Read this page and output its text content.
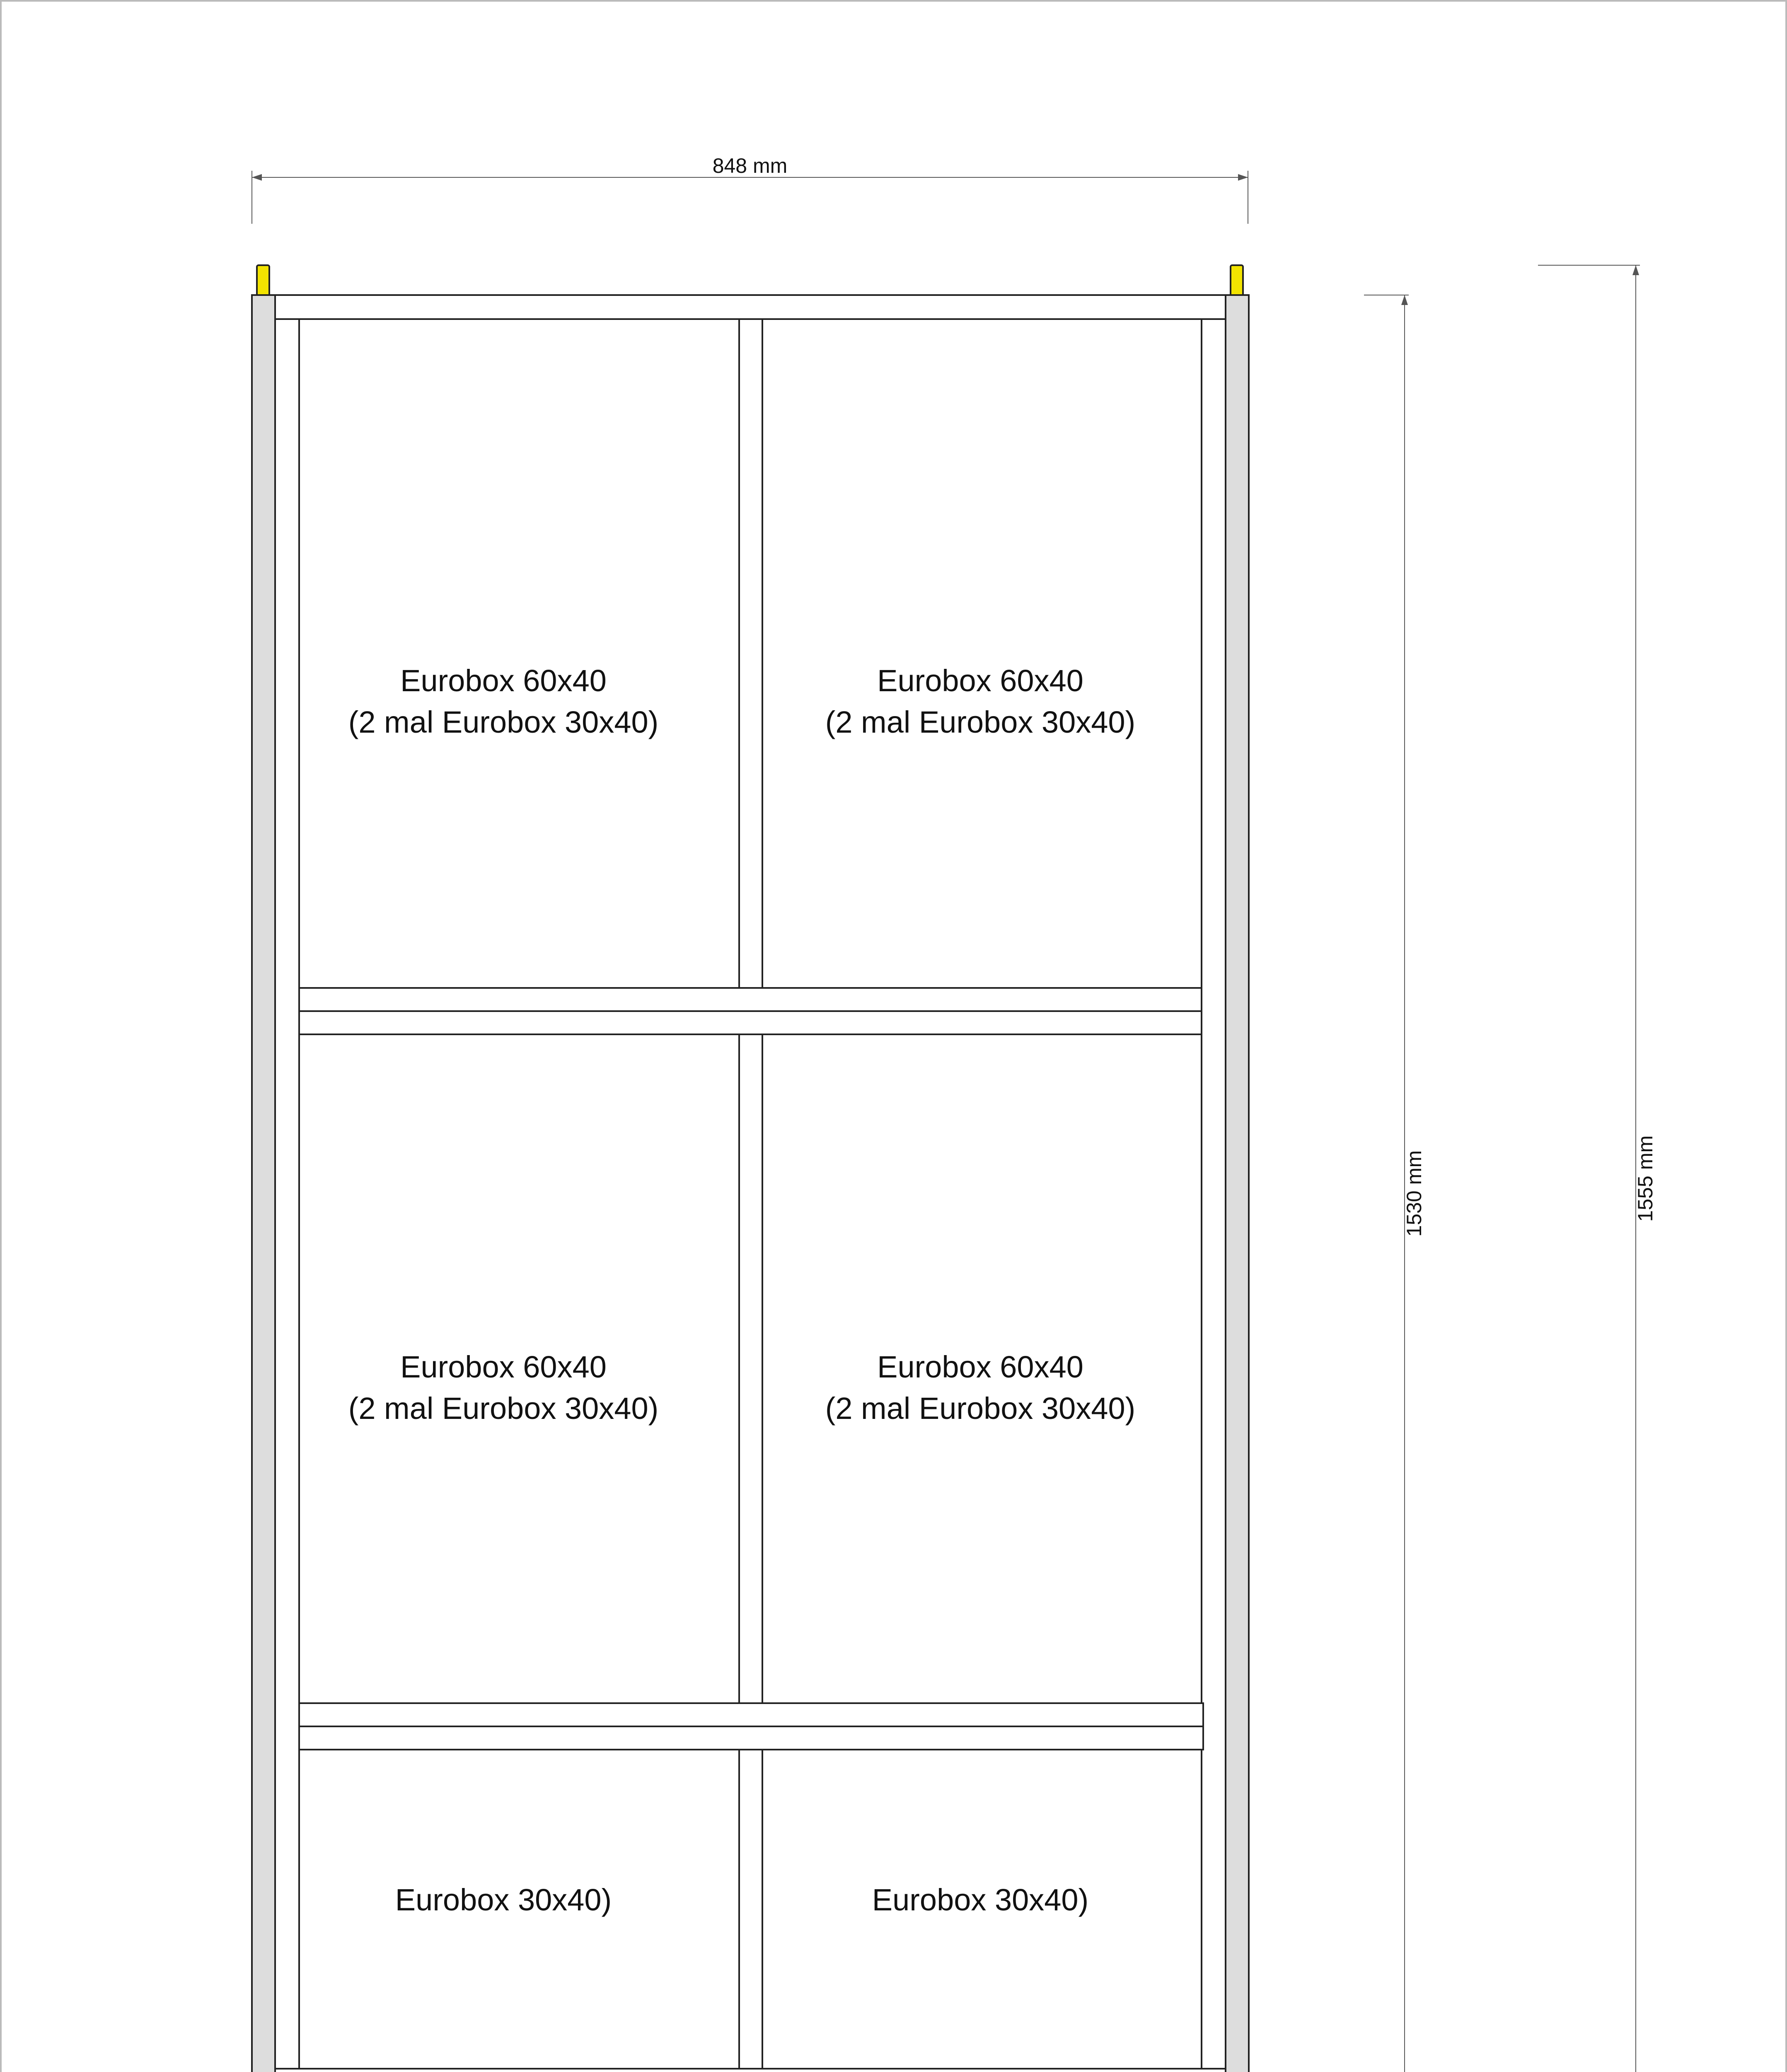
848 mm
Eurobox 60x40
(2 mal Eurobox 30x40)
Eurobox 60x40
(2 mal Eurobox 30x40)
Eurobox 60x40
(2 mal Eurobox 30x40)
Eurobox 60x40
(2 mal Eurobox 30x40)
Eurobox 30x40)	Eurobox 30x40)
1530 mm	1555 mm
